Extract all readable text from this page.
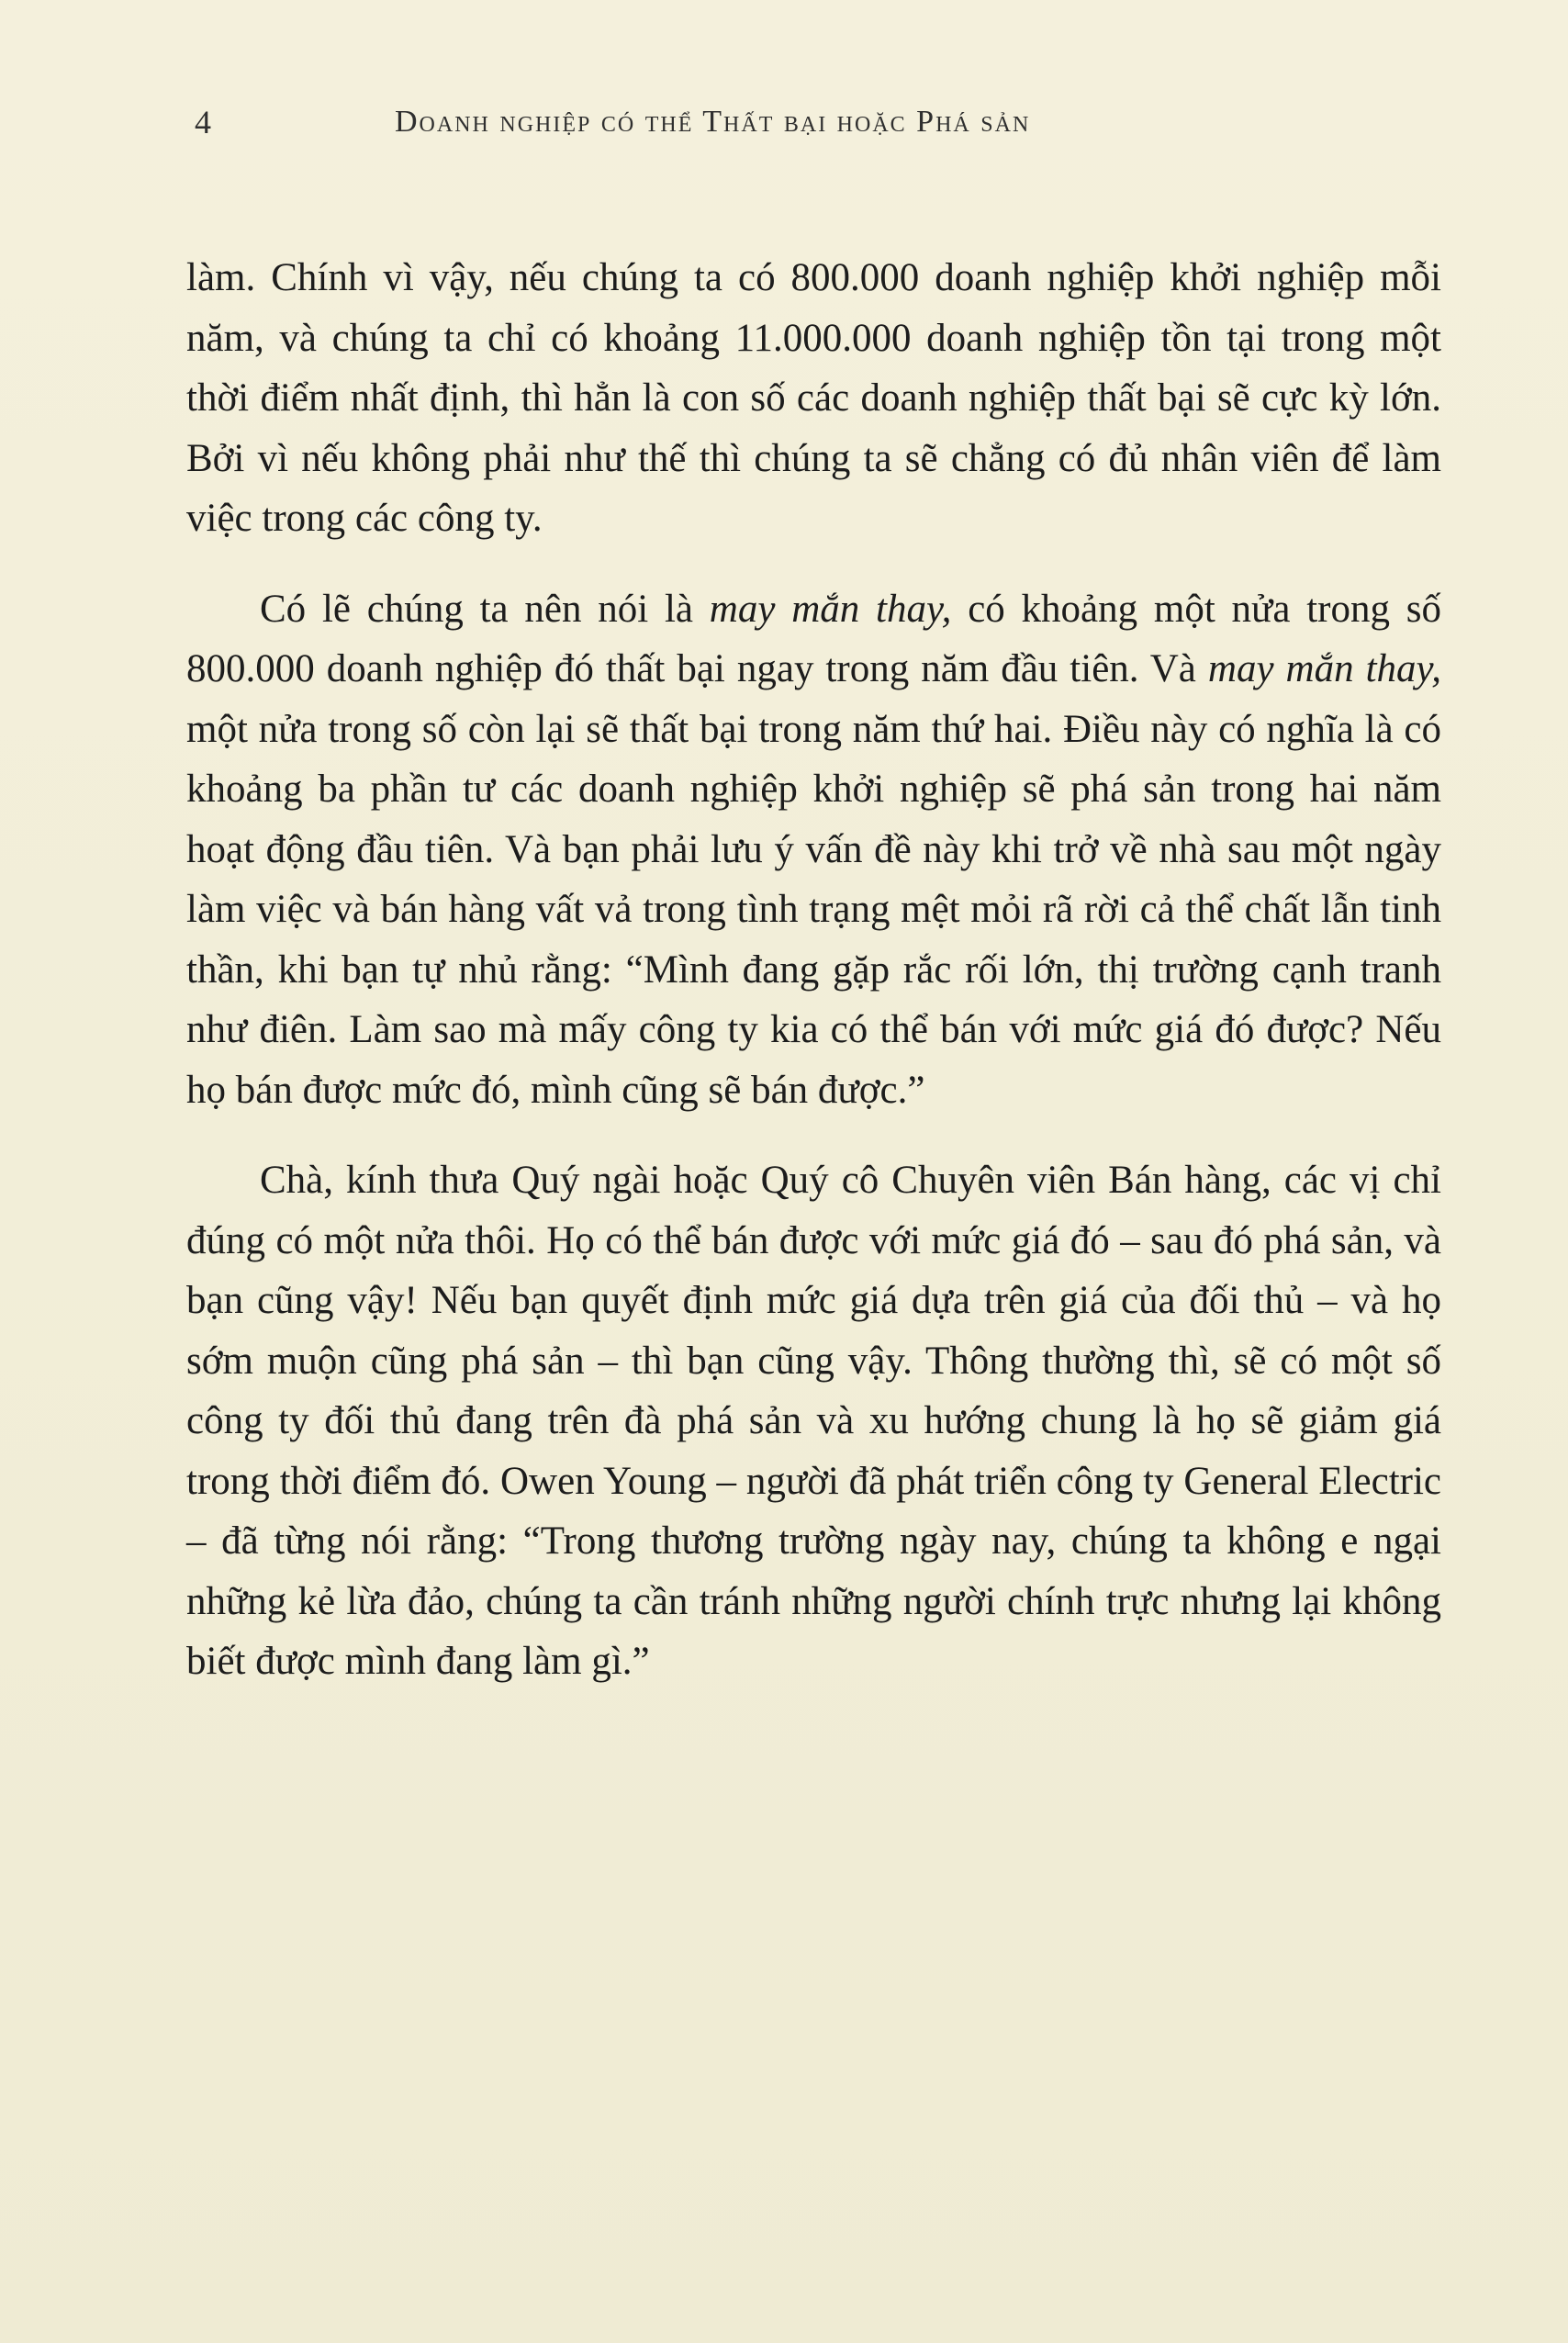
4	Doanh nghiệp có thể Thất bại hoặc Phá sản

làm. Chính vì vậy, nếu chúng ta có 800.000 doanh nghiệp khởi nghiệp mỗi năm, và chúng ta chỉ có khoảng 11.000.000 doanh nghiệp tồn tại trong một thời điểm nhất định, thì hẳn là con số các doanh nghiệp thất bại sẽ cực kỳ lớn. Bởi vì nếu không phải như thế thì chúng ta sẽ chẳng có đủ nhân viên để làm việc trong các công ty.

Có lẽ chúng ta nên nói là may mắn thay, có khoảng một nửa trong số 800.000 doanh nghiệp đó thất bại ngay trong năm đầu tiên. Và may mắn thay, một nửa trong số còn lại sẽ thất bại trong năm thứ hai. Điều này có nghĩa là có khoảng ba phần tư các doanh nghiệp khởi nghiệp sẽ phá sản trong hai năm hoạt động đầu tiên. Và bạn phải lưu ý vấn đề này khi trở về nhà sau một ngày làm việc và bán hàng vất vả trong tình trạng mệt mỏi rã rời cả thể chất lẫn tinh thần, khi bạn tự nhủ rằng: “Mình đang gặp rắc rối lớn, thị trường cạnh tranh như điên. Làm sao mà mấy công ty kia có thể bán với mức giá đó được? Nếu họ bán được mức đó, mình cũng sẽ bán được.”

Chà, kính thưa Quý ngài hoặc Quý cô Chuyên viên Bán hàng, các vị chỉ đúng có một nửa thôi. Họ có thể bán được với mức giá đó – sau đó phá sản, và bạn cũng vậy! Nếu bạn quyết định mức giá dựa trên giá của đối thủ – và họ sớm muộn cũng phá sản – thì bạn cũng vậy. Thông thường thì, sẽ có một số công ty đối thủ đang trên đà phá sản và xu hướng chung là họ sẽ giảm giá trong thời điểm đó. Owen Young – người đã phát triển công ty General Electric – đã từng nói rằng: “Trong thương trường ngày nay, chúng ta không e ngại những kẻ lừa đảo, chúng ta cần tránh những người chính trực nhưng lại không biết được mình đang làm gì.”
